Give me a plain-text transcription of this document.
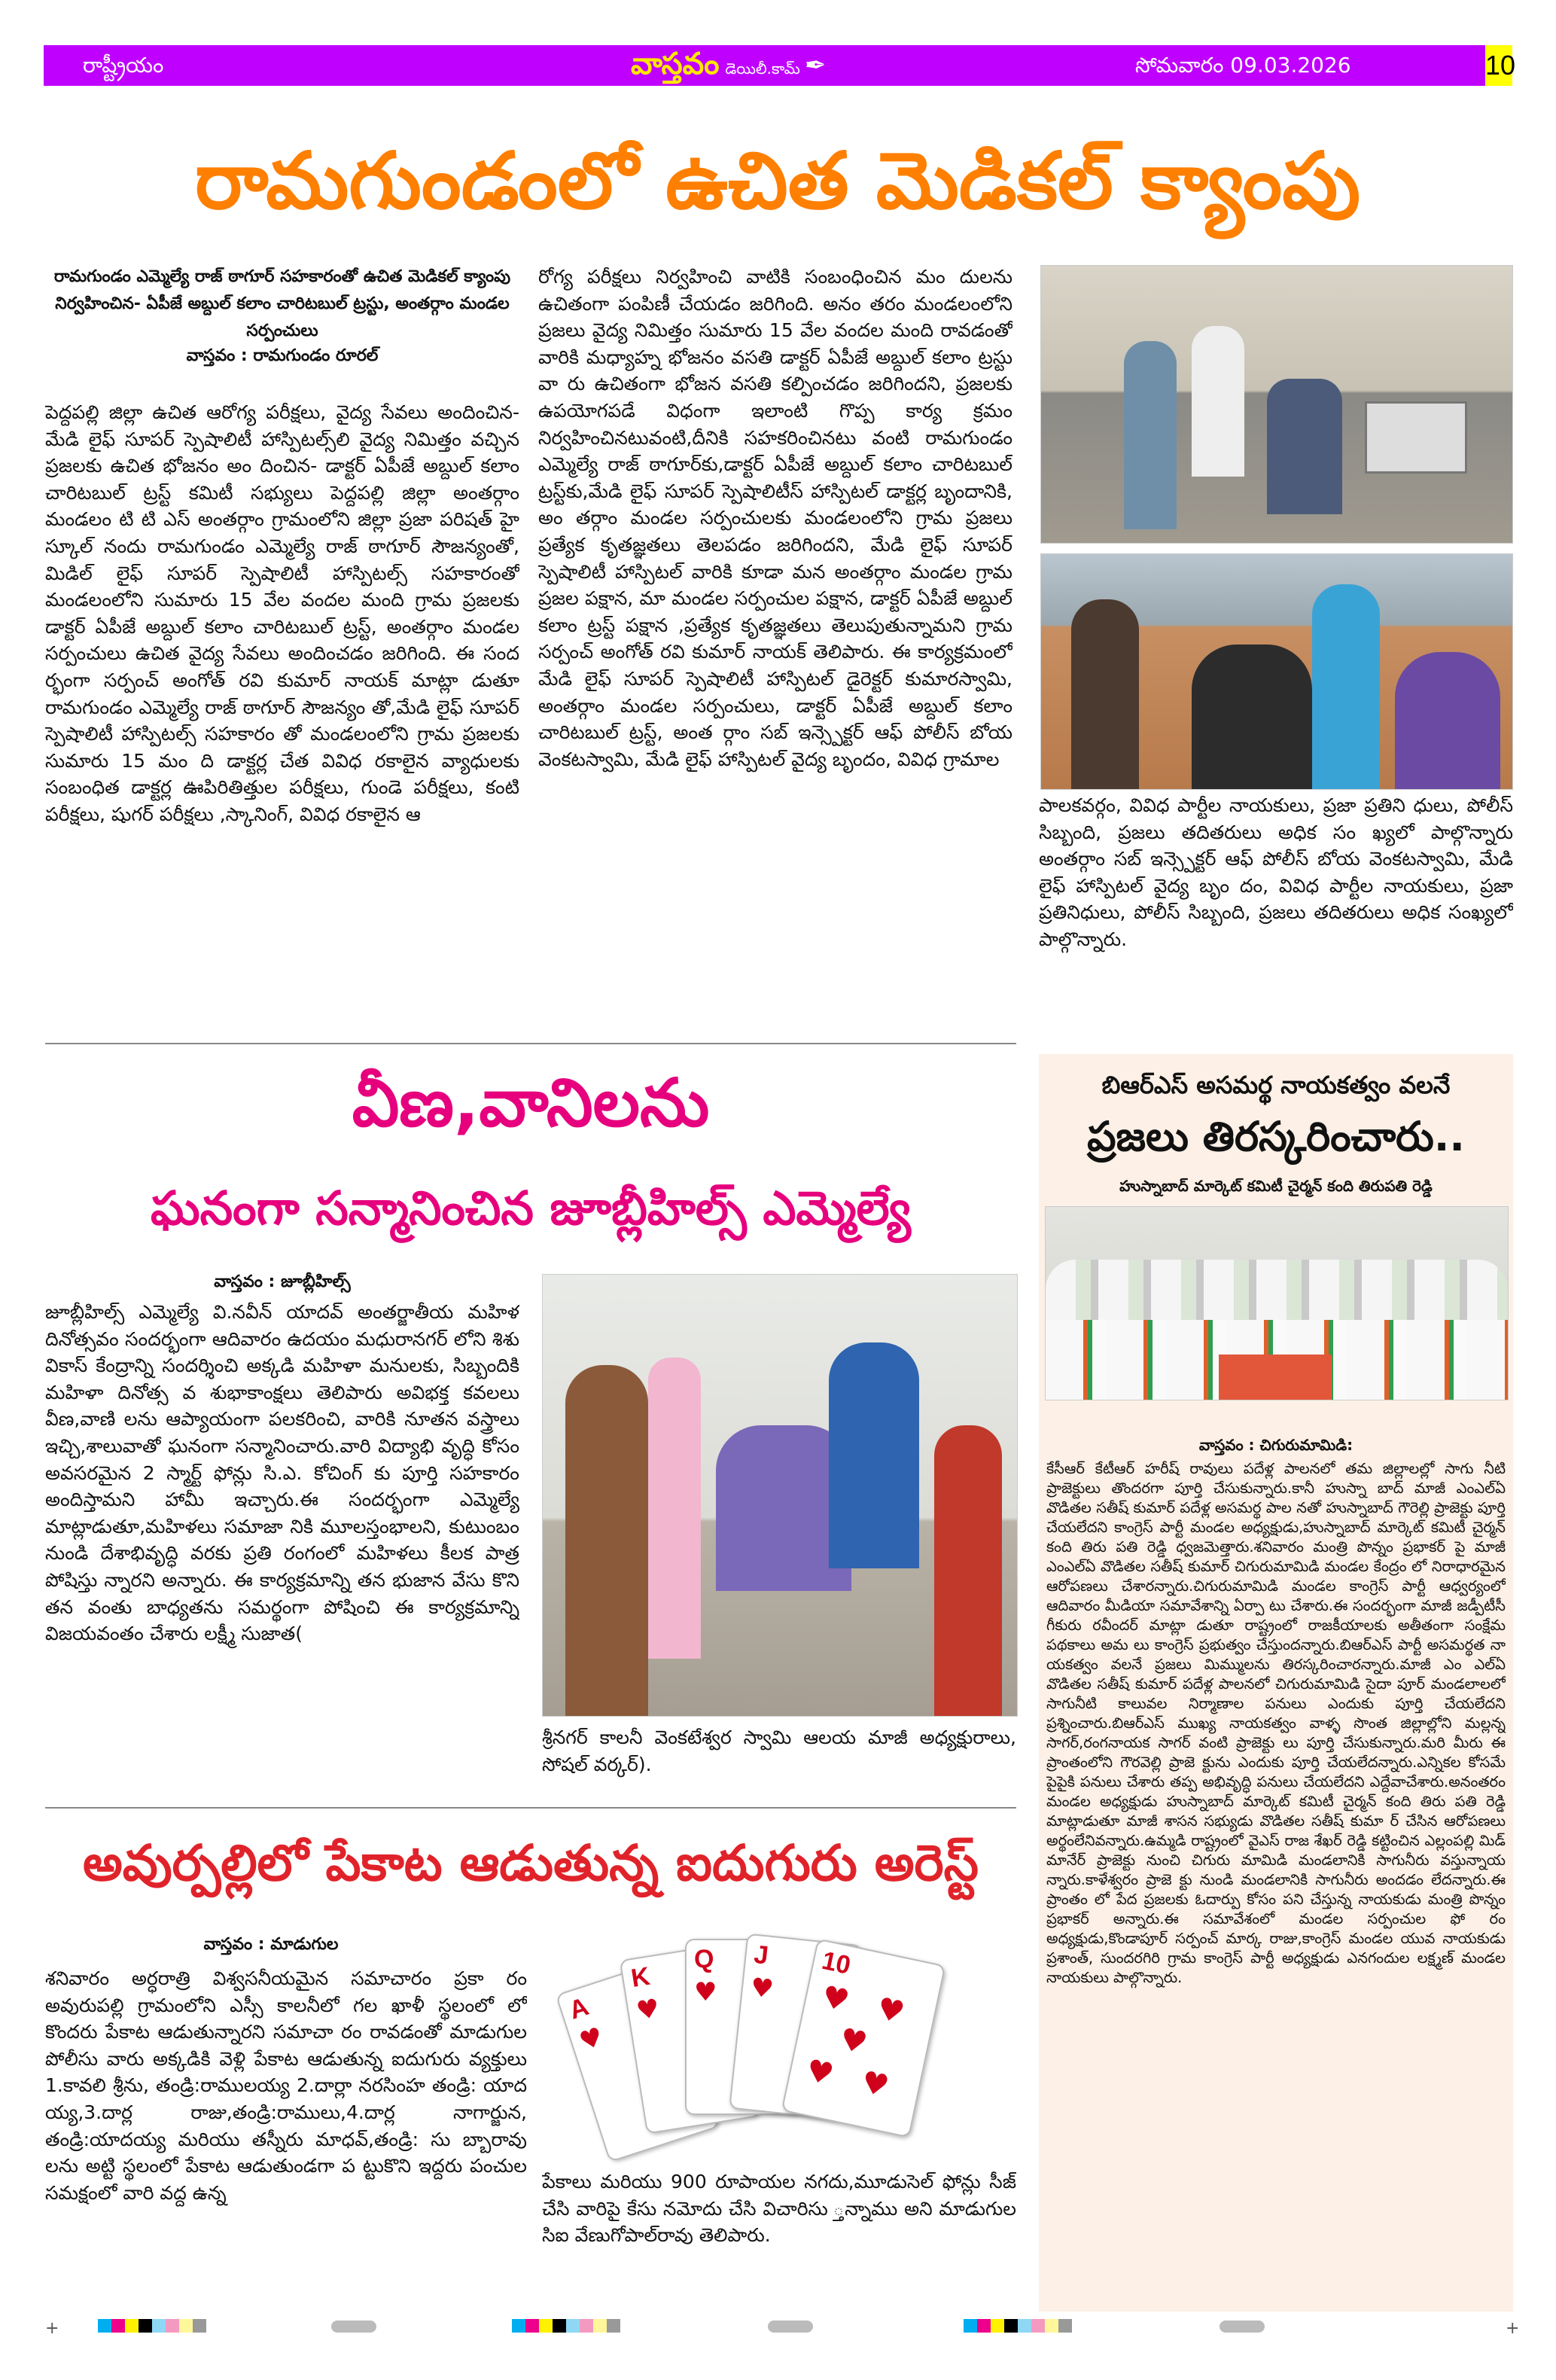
రాష్ట్రీయం	వాస్తవం డెయిలీ.కామ్ ✒	సోమవారం 09.03.2026	10
రామగుండంలో ఉచిత మెడికల్ క్యాంపు
రామగుండం ఎమ్మెల్యే రాజ్ ఠాగూర్ సహకారంతో ఉచిత మెడికల్ క్యాంపు నిర్వహించిన- ఏపీజే అబ్దుల్ కలాం చారిటబుల్ ట్రస్టు, అంతర్గాం మండల సర్పంచులు
వాస్తవం : రామగుండం రూరల్
పెద్దపల్లి జిల్లా ఉచిత ఆరోగ్య పరీక్షలు, వైద్య సేవలు అందించిన-మేడి లైఫ్ సూపర్ స్పెషాలిటీ హాస్పిటల్స్‌లి వైద్య నిమిత్తం వచ్చిన ప్రజలకు ఉచిత భోజనం అం దించిన- డాక్టర్ ఏపీజే అబ్దుల్ కలాం చారిటబుల్ ట్రస్ట్ కమిటీ సభ్యులు పెద్దపల్లి జిల్లా అంతర్గాం మండలం టి టి ఎస్ అంతర్గాం గ్రామంలోని జిల్లా ప్రజా పరిషత్ హై స్కూల్ నందు రామగుండం ఎమ్మెల్యే రాజ్ ఠాగూర్ సౌజన్యంతో, మిడిల్ లైఫ్ సూపర్ స్పెషాలిటీ హాస్పిటల్స్ సహకారంతో మండలంలోని సుమారు 15 వేల వందల మంది గ్రామ ప్రజలకు డాక్టర్ ఏపీజే అబ్దుల్ కలాం చారిటబుల్ ట్రస్ట్, అంతర్గాం మండల సర్పంచులు ఉచిత వైద్య సేవలు అందించడం జరిగింది. ఈ సంద ర్భంగా సర్పంచ్ అంగోత్ రవి కుమార్ నాయక్ మాట్లా డుతూ రామగుండం ఎమ్మెల్యే రాజ్ ఠాగూర్ సౌజన్యం తో,మేడి లైఫ్ సూపర్ స్పెషాలిటీ హాస్పిటల్స్ సహకారం తో మండలంలోని గ్రామ ప్రజలకు సుమారు 15 మం ది డాక్టర్ల చేత వివిధ రకాలైన వ్యాధులకు సంబంధిత డాక్టర్ల ఊపిరితిత్తుల పరీక్షలు, గుండె పరీక్షలు, కంటి పరీక్షలు, షుగర్ పరీక్షలు ,స్కానింగ్, వివిధ రకాలైన ఆ
రోగ్య పరీక్షలు నిర్వహించి వాటికి సంబంధించిన మం దులను ఉచితంగా పంపిణీ చేయడం జరిగింది. అనం తరం మండలంలోని ప్రజలు వైద్య నిమిత్తం సుమారు 15 వేల వందల మంది రావడంతో వారికి మధ్యాహ్న భోజనం వసతి డాక్టర్ ఏపీజే అబ్దుల్ కలాం ట్రస్టు వా రు ఉచితంగా భోజన వసతి కల్పించడం జరిగిందని, ప్రజలకు ఉపయోగపడే విధంగా ఇలాంటి గొప్ప కార్య క్రమం నిర్వహించినటువంటి,దీనికి సహకరించినటు వంటి రామగుండం ఎమ్మెల్యే రాజ్ ఠాగూర్‌కు,డాక్టర్ ఏపీజే అబ్దుల్ కలాం చారిటబుల్ ట్రస్ట్‌కు,మేడి లైఫ్ సూపర్ స్పెషాలిటీస్ హాస్పిటల్ డాక్టర్ల బృందానికి, అం తర్గాం మండల సర్పంచులకు మండలంలోని గ్రామ ప్రజలు ప్రత్యేక కృతజ్ఞతలు తెలపడం జరిగిందని, మేడి లైఫ్ సూపర్ స్పెషాలిటీ హాస్పిటల్ వారికి కూడా మన అంతర్గాం మండల గ్రామ ప్రజల పక్షాన, మా మండల సర్పంచుల పక్షాన, డాక్టర్ ఏపీజే అబ్దుల్ కలాం ట్రస్ట్ పక్షాన ,ప్రత్యేక కృతజ్ఞతలు తెలుపుతున్నామని గ్రామ సర్పంచ్ అంగోత్ రవి కుమార్ నాయక్ తెలిపారు. ఈ కార్యక్రమంలో మేడి లైఫ్ సూపర్ స్పెషాలిటీ హాస్పిటల్ డైరెక్టర్ కుమారస్వామి, అంతర్గాం మండల సర్పంచులు, డాక్టర్ ఏపీజే అబ్దుల్ కలాం చారిటబుల్ ట్రస్ట్, అంత ర్గాం సబ్ ఇన్స్పెక్టర్ ఆఫ్ పోలీస్ బోయ వెంకటస్వామి, మేడి లైఫ్ హాస్పిటల్ వైద్య బృందం, వివిధ గ్రామాల
పాలకవర్గం, వివిధ పార్టీల నాయకులు, ప్రజా ప్రతిని ధులు, పోలీస్ సిబ్బంది, ప్రజలు తదితరులు అధిక సం ఖ్యలో పాల్గొన్నారు అంతర్గాం సబ్ ఇన్స్పెక్టర్ ఆఫ్ పోలీస్ బోయ వెంకటస్వామి, మేడి లైఫ్ హాస్పిటల్ వైద్య బృం దం, వివిధ పార్టీల నాయకులు, ప్రజా ప్రతినిధులు, పోలీస్ సిబ్బంది, ప్రజలు తదితరులు అధిక సంఖ్యలో పాల్గొన్నారు.
వీణ,వానిలను
ఘనంగా సన్మానించిన జూబ్లీహిల్స్ ఎమ్మెల్యే
వాస్తవం : జూబ్లీహిల్స్
జూబ్లీహిల్స్ ఎమ్మెల్యే వి.నవీన్ యాదవ్ అంతర్జాతీయ మహిళ దినోత్సవం సందర్భంగా ఆదివారం ఉదయం మధురానగర్ లోని శిశు వికాస్ కేంద్రాన్ని సందర్శించి అక్కడి మహిళా మనులకు, సిబ్బందికి మహిళా దినోత్స వ శుభాకాంక్షలు తెలిపారు అవిభక్త కవలలు వీణ,వాణి లను ఆప్యాయంగా పలకరించి, వారికి నూతన వస్త్రాలు ఇచ్చి,శాలువాతో ఘనంగా సన్మానించారు.వారి విద్యాభి వృద్ధి కోసం అవసరమైన 2 స్మార్ట్ ఫోన్లు సి.ఎ. కోచింగ్ కు పూర్తి సహకారం అందిస్తామని హామీ ఇచ్చారు.ఈ సందర్భంగా ఎమ్మెల్యే మాట్లాడుతూ,మహిళలు సమాజా నికి మూలస్తంభాలని, కుటుంబం నుండి దేశాభివృద్ధి వరకు ప్రతి రంగంలో మహిళలు కీలక పాత్ర పోషిస్తు న్నారని అన్నారు. ఈ కార్యక్రమాన్ని తన భుజాన వేసు కొని తన వంతు బాధ్యతను సమర్థంగా పోషించి ఈ కార్యక్రమాన్ని విజయవంతం చేశారు లక్ష్మీ సుజాత(
శ్రీనగర్ కాలనీ వెంకటేశ్వర స్వామి ఆలయ మాజీ అధ్యక్షురాలు, సోషల్ వర్కర్).
అవుర్పల్లిలో పేకాట ఆడుతున్న ఐదుగురు అరెస్ట్
వాస్తవం : మాడుగుల
శనివారం అర్ధరాత్రి విశ్వసనీయమైన సమాచారం ప్రకా రం అవురుపల్లి గ్రామంలోని ఎస్సీ కాలనీలో గల ఖాళీ స్థలంలో లో కొందరు పేకాట ఆడుతున్నారని సమాచా రం రావడంతో మాడుగుల పోలీసు వారు అక్కడికి వెళ్లి పేకాట ఆడుతున్న ఐదుగురు వ్యక్తులు 1.కావలి శ్రీను, తండ్రి:రాములయ్య 2.దార్లా నరసింహ తండ్రి: యాద య్య,3.దార్ల రాజు,తండ్రి:రాములు,4.దార్ల నాగార్జున, తండ్రి:యాదయ్య మరియు తస్నీరు మాధవ్,తండ్రి: సు బ్బారావు లను అట్టి స్థలంలో పేకాట ఆడుతుండగా ప ట్టుకొని ఇద్దరు పంచుల సమక్షంలో వారి వద్ద ఉన్న
A
♥
K
♥
Q
♥
J
♥
10
♥ ♥
♥
♥ ♥
పేకాలు మరియు 900 రూపాయల నగదు,మూడుసెల్ ఫోన్లు సీజ్ చేసి వారిపై కేసు నమోదు చేసి విచారిసు ్తన్నాము అని మాడుగుల సిఐ వేణుగోపాల్‌రావు తెలిపారు.
బిఆర్ఎస్ అసమర్థ నాయకత్వం వలనే
ప్రజలు తిరస్కరించారు..
హుస్నాబాద్ మార్కెట్ కమిటీ చైర్మన్ కంది తిరుపతి రెడ్డి
వాస్తవం : చిగురుమామిడి:
కేసీఆర్ కేటీఆర్ హరీష్ రావులు పదేళ్ల పాలనలో తమ జిల్లాలల్లో సాగు నీటి ప్రాజెక్టులు తొందరగా పూర్తి చేసుకున్నారు.కానీ హుస్నా బాద్ మాజీ ఎంఎల్ఏ వొడితల సతీష్ కుమార్ పదేళ్ల అసమర్థ పాల నతో హుస్నాబాద్ గౌరెల్లి ప్రాజెక్టు పూర్తి చేయలేదని కాంగ్రెస్ పార్టీ మండల అధ్యక్షుడు,హుస్నాబాద్ మార్కెట్ కమిటీ చైర్మన్ కంది తిరు పతి రెడ్డి ధ్వజమెత్తారు.శనివారం మంత్రి పొన్నం ప్రభాకర్ పై మాజీ ఎంఎల్ఏ వొడితల సతీష్ కుమార్ చిగురుమామిడి మండల కేంద్రం లో నిరాధారమైన ఆరోపణలు చేశారన్నారు.చిగురుమామిడి మండల కాంగ్రెస్ పార్టీ ఆధ్వర్యంలో ఆదివారం మీడియా సమావేశాన్ని ఏర్పా టు చేశారు.ఈ సందర్భంగా మాజీ జడ్పీటీసీ గీకురు రవీందర్ మాట్లా డుతూ రాష్ట్రంలో రాజకీయాలకు అతీతంగా సంక్షేమ పథకాలు అమ లు కాంగ్రెస్ ప్రభుత్వం చేస్తుందన్నారు.బిఆర్ఎస్ పార్టీ అసమర్థత నా యకత్వం వలనే ప్రజలు మిమ్ములను తిరస్కరించారన్నారు.మాజీ ఎం ఎల్ఏ వొడితల సతీష్ కుమార్ పదేళ్ల పాలనలో చిగురుమామిడి సైదా పూర్ మండలాలలో సాగునీటి కాలువల నిర్మాణాల పనులు ఎందుకు పూర్తి చేయలేదని ప్రశ్నించారు.బిఆర్ఎస్ ముఖ్య నాయకత్వం వాళ్ళ సొంత జిల్లాల్లోని మల్లన్న సాగర్,రంగనాయక సాగర్ వంటి ప్రాజెక్టు లు పూర్తి చేసుకున్నారు.మరి మీరు ఈ ప్రాంతంలోని గౌరవెల్లి ప్రాజె క్టును ఎందుకు పూర్తి చేయలేదన్నారు.ఎన్నికల కోసమే పైపైకి పనులు చేశారు తప్ప అభివృద్ధి పనులు చేయలేదని ఎద్దేవాచేశారు.అనంతరం మండల అధ్యక్షుడు హుస్నాబాద్ మార్కెట్ కమిటీ చైర్మన్ కంది తిరు పతి రెడ్డి మాట్లాడుతూ మాజీ శాసన సభ్యుడు వొడితల సతీష్ కుమా ర్ చేసిన ఆరోపణలు అర్థంలేనివన్నారు.ఉమ్మడి రాష్ట్రంలో వైఎస్ రాజ శేఖర్ రెడ్డి కట్టించిన ఎల్లంపల్లి మిడ్ మానేర్ ప్రాజెక్టు నుంచి చిగురు మామిడి మండలానికి సాగునీరు వస్తున్నాయ న్నారు.కాళేశ్వరం ప్రాజె క్టు నుండి మండలానికి సాగునీరు అందడం లేదన్నారు.ఈ ప్రాంతం లో పేద ప్రజలకు ఓదార్పు కోసం పని చేస్తున్న నాయకుడు మంత్రి పొన్నం ప్రభాకర్ అన్నారు.ఈ సమావేశంలో మండల సర్పంచుల ఫో రం అధ్యక్షుడు,కొండాపూర్ సర్పంచ్ మార్క రాజు,కాంగ్రెస్ మండల యువ నాయకుడు ప్రశాంత్, సుందరగిరి గ్రామ కాంగ్రెస్ పార్టీ అధ్యక్షుడు ఎనగందుల లక్ష్మణ్ మండల నాయకులు పాల్గొన్నారు.
+	+
